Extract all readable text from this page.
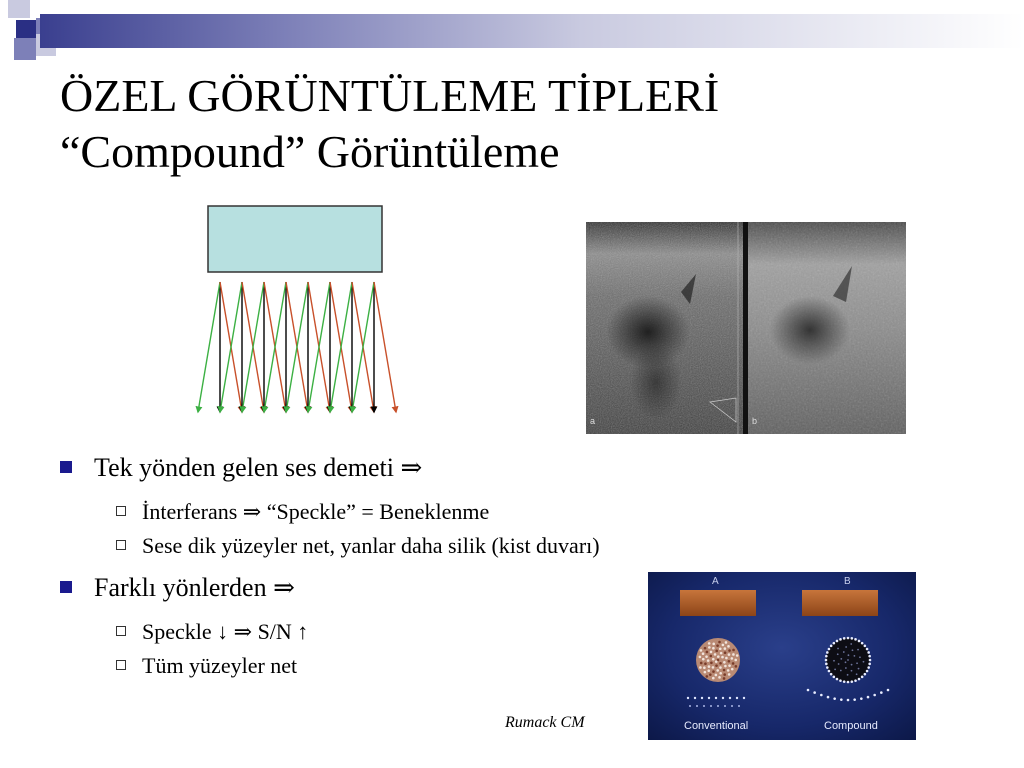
ÖZEL GÖRÜNTÜLEME TİPLERİ
“Compound” Görüntüleme
a	b
Tek yönden gelen ses demeti ⇒
İnterferans ⇒ “Speckle” = Beneklenme
Sese dik yüzeyler net, yanlar daha silik (kist duvarı)
Farklı yönlerden ⇒
Speckle ↓ ⇒ S/N ↑
Tüm yüzeyler net
A	B
Conventional	Compound
Rumack CM
